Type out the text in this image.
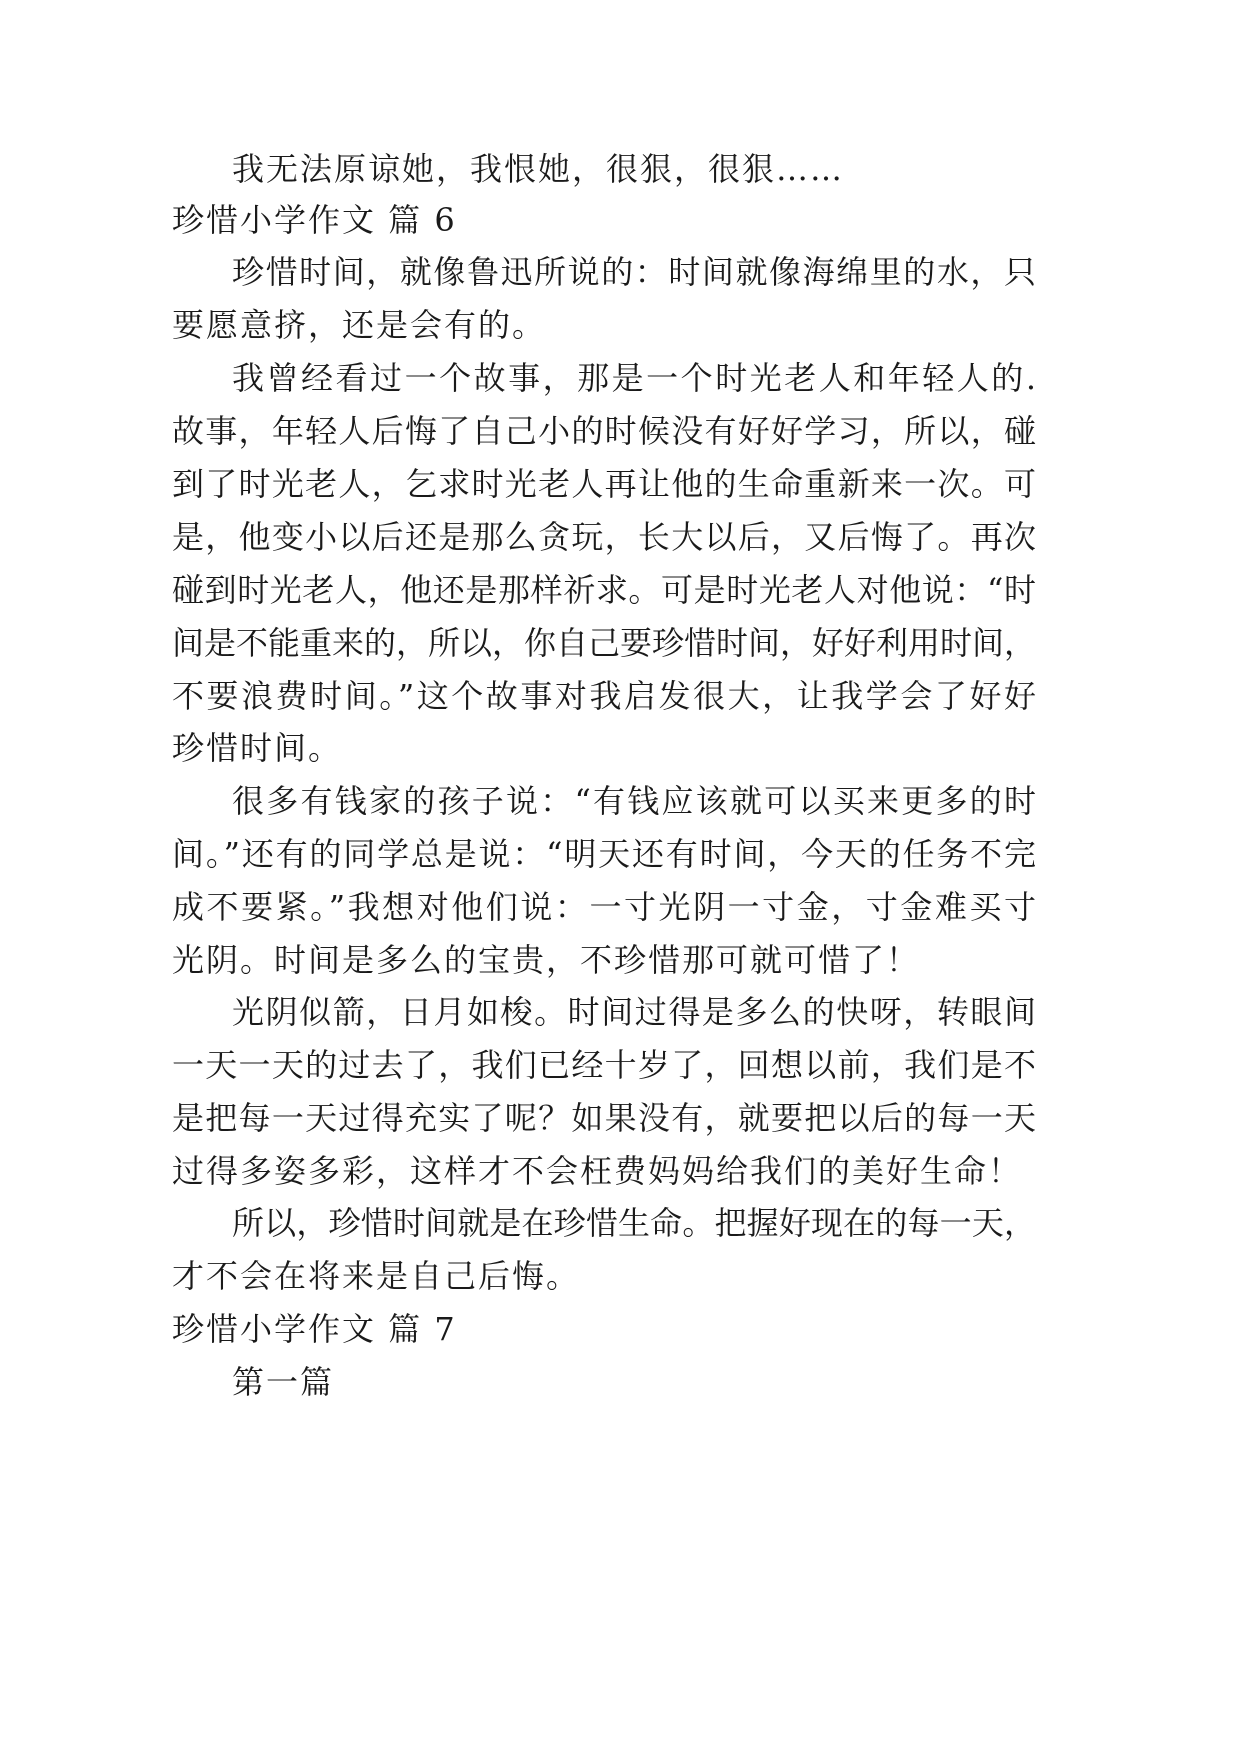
我无法原谅她，我恨她，很狠，很狠……
珍惜小学作文 篇 6
珍惜时间，就像鲁迅所说的：时间就像海绵里的水，只
要愿意挤，还是会有的。
我曾经看过一个故事，那是一个时光老人和年轻人的.
故事，年轻人后悔了自己小的时候没有好好学习，所以，碰
到了时光老人，乞求时光老人再让他的生命重新来一次。可
是，他变小以后还是那么贪玩，长大以后，又后悔了。再次
碰到时光老人，他还是那样祈求。可是时光老人对他说：“时
间是不能重来的，所以，你自己要珍惜时间，好好利用时间，
不要浪费时间。”这个故事对我启发很大，让我学会了好好
珍惜时间。
很多有钱家的孩子说：“有钱应该就可以买来更多的时
间。”还有的同学总是说：“明天还有时间，今天的任务不完
成不要紧。”我想对他们说：一寸光阴一寸金，寸金难买寸
光阴。时间是多么的宝贵，不珍惜那可就可惜了！
光阴似箭，日月如梭。时间过得是多么的快呀，转眼间
一天一天的过去了，我们已经十岁了，回想以前，我们是不
是把每一天过得充实了呢？如果没有，就要把以后的每一天
过得多姿多彩，这样才不会枉费妈妈给我们的美好生命！
所以，珍惜时间就是在珍惜生命。把握好现在的每一天，
才不会在将来是自己后悔。
珍惜小学作文 篇 7
第一篇
